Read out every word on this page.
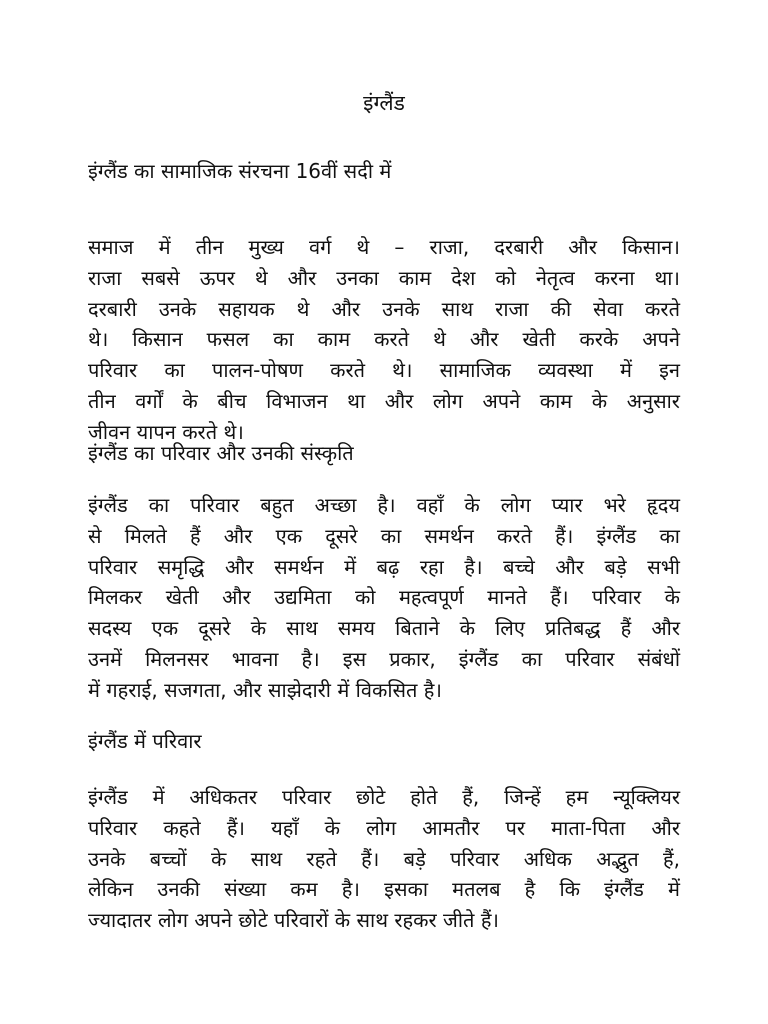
इंग्लैंड
इंग्लैंड का सामाजिक संरचना 16वीं सदी में
समाज में तीन मुख्य वर्ग थे – राजा, दरबारी और किसान।
राजा सबसे ऊपर थे और उनका काम देश को नेतृत्व करना था।
दरबारी उनके सहायक थे और उनके साथ राजा की सेवा करते
थे। किसान फसल का काम करते थे और खेती करके अपने
परिवार का पालन-पोषण करते थे। सामाजिक व्यवस्था में इन
तीन वर्गों के बीच विभाजन था और लोग अपने काम के अनुसार
जीवन यापन करते थे।
इंग्लैंड का परिवार और उनकी संस्कृति
इंग्लैंड का परिवार बहुत अच्छा है। वहाँ के लोग प्यार भरे हृदय
से मिलते हैं और एक दूसरे का समर्थन करते हैं। इंग्लैंड का
परिवार समृद्धि और समर्थन में बढ़ रहा है। बच्चे और बड़े सभी
मिलकर खेती और उद्यमिता को महत्वपूर्ण मानते हैं। परिवार के
सदस्य एक दूसरे के साथ समय बिताने के लिए प्रतिबद्ध हैं और
उनमें मिलनसर भावना है। इस प्रकार, इंग्लैंड का परिवार संबंधों
में गहराई, सजगता, और साझेदारी में विकसित है।
इंग्लैंड में परिवार
इंग्लैंड में अधिकतर परिवार छोटे होते हैं, जिन्हें हम न्यूक्लियर
परिवार कहते हैं। यहाँ के लोग आमतौर पर माता-पिता और
उनके बच्चों के साथ रहते हैं। बड़े परिवार अधिक अद्भुत हैं,
लेकिन उनकी संख्या कम है। इसका मतलब है कि इंग्लैंड में
ज्यादातर लोग अपने छोटे परिवारों के साथ रहकर जीते हैं।
